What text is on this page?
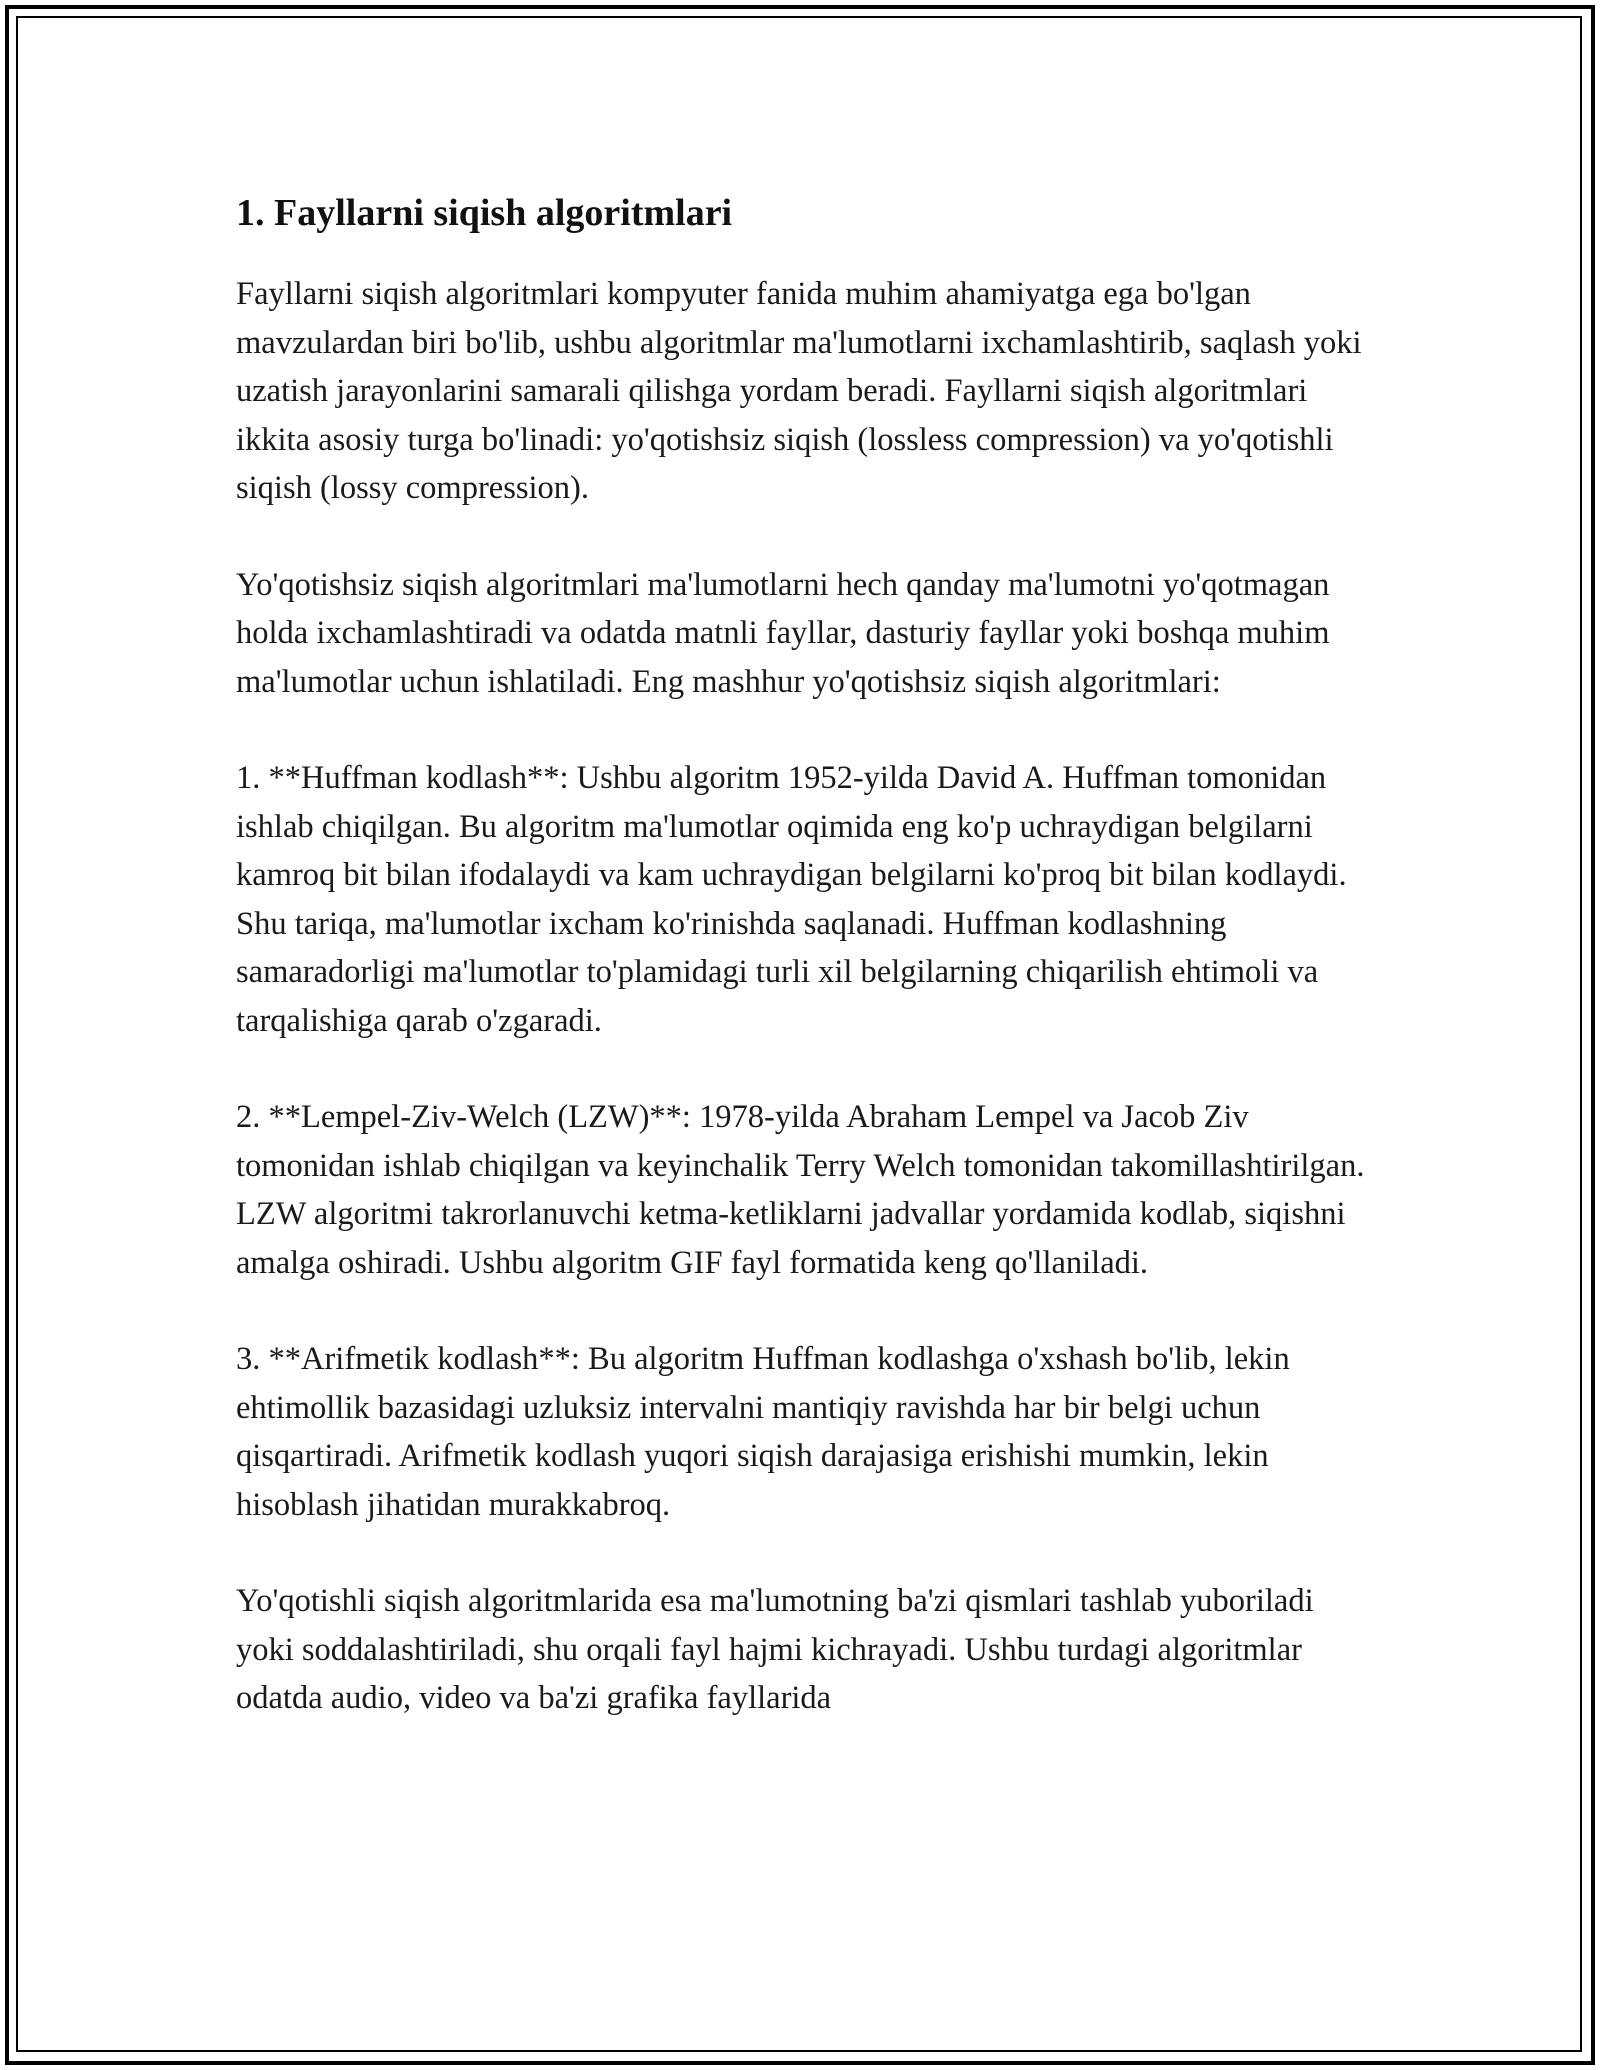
1. Fayllarni siqish algoritmlari

Fayllarni siqish algoritmlari kompyuter fanida muhim ahamiyatga ega bo'lgan mavzulardan biri bo'lib, ushbu algoritmlar ma'lumotlarni ixchamlashtirib, saqlash yoki uzatish jarayonlarini samarali qilishga yordam beradi. Fayllarni siqish algoritmlari ikkita asosiy turga bo'linadi: yo'qotishsiz siqish (lossless compression) va yo'qotishli siqish (lossy compression).

Yo'qotishsiz siqish algoritmlari ma'lumotlarni hech qanday ma'lumotni yo'qotmagan holda ixchamlashtiradi va odatda matnli fayllar, dasturiy fayllar yoki boshqa muhim ma'lumotlar uchun ishlatiladi. Eng mashhur yo'qotishsiz siqish algoritmlari:

1. **Huffman kodlash**: Ushbu algoritm 1952-yilda David A. Huffman tomonidan ishlab chiqilgan. Bu algoritm ma'lumotlar oqimida eng ko'p uchraydigan belgilarni kamroq bit bilan ifodalaydi va kam uchraydigan belgilarni ko'proq bit bilan kodlaydi. Shu tariqa, ma'lumotlar ixcham ko'rinishda saqlanadi. Huffman kodlashning samaradorligi ma'lumotlar to'plamidagi turli xil belgilarning chiqarilish ehtimoli va tarqalishiga qarab o'zgaradi.

2. **Lempel-Ziv-Welch (LZW)**: 1978-yilda Abraham Lempel va Jacob Ziv tomonidan ishlab chiqilgan va keyinchalik Terry Welch tomonidan takomillashtirilgan. LZW algoritmi takrorlanuvchi ketma-ketliklarni jadvallar yordamida kodlab, siqishni amalga oshiradi. Ushbu algoritm GIF fayl formatida keng qo'llaniladi.

3. **Arifmetik kodlash**: Bu algoritm Huffman kodlashga o'xshash bo'lib, lekin ehtimollik bazasidagi uzluksiz intervalni mantiqiy ravishda har bir belgi uchun qisqartiradi. Arifmetik kodlash yuqori siqish darajasiga erishishi mumkin, lekin hisoblash jihatidan murakkabroq.

Yo'qotishli siqish algoritmlarida esa ma'lumotning ba'zi qismlari tashlab yuboriladi yoki soddalashtiriladi, shu orqali fayl hajmi kichrayadi. Ushbu turdagi algoritmlar odatda audio, video va ba'zi grafika fayllarida
